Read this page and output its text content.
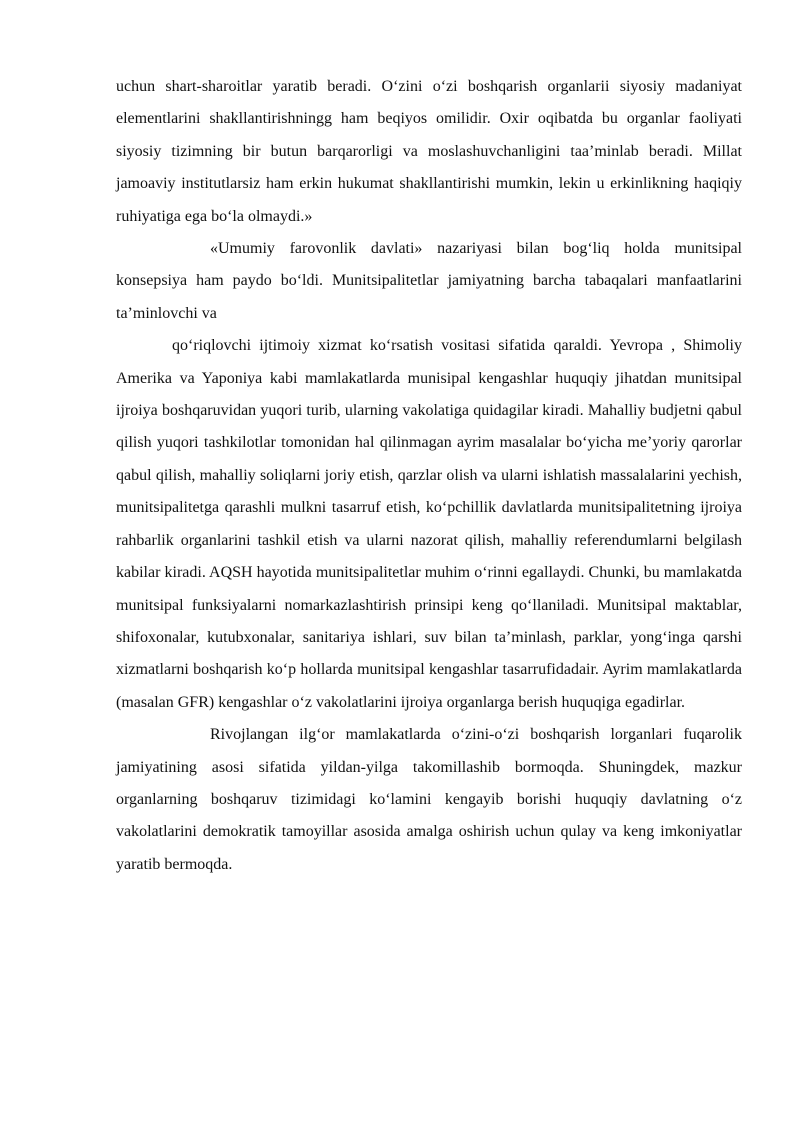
uchun shart-sharoitlar yaratib beradi. O‘zini o‘zi boshqarish organlarii siyosiy madaniyat elementlarini shakllantirishningg ham beqiyos omilidir. Oxir oqibatda bu organlar faoliyati siyosiy tizimning bir butun barqarorligi va moslashuvchanligini taa’minlab beradi. Millat jamoaviy institutlarsiz ham erkin hukumat shakllantirishi mumkin, lekin u erkinlikning haqiqiy ruhiyatiga ega bo‘la olmaydi.»

«Umumiy farovonlik davlati» nazariyasi bilan bog‘liq holda munitsipal konsepsiya ham paydo bo‘ldi. Munitsipalitetlar jamiyatning barcha tabaqalari manfaatlarini ta’minlovchi va

qo‘riqlovchi ijtimoiy xizmat ko‘rsatish vositasi sifatida qaraldi. Yevropa , Shimoliy Amerika va Yaponiya kabi mamlakatlarda munisipal kengashlar huquqiy jihatdan munitsipal ijroiya boshqaruvidan yuqori turib, ularning vakolatiga quidagilar kiradi. Mahalliy budjetni qabul qilish yuqori tashkilotlar tomonidan hal qilinmagan ayrim masalalar bo‘yicha me’yoriy qarorlar qabul qilish, mahalliy soliqlarni joriy etish, qarzlar olish va ularni ishlatish massalalarini yechish, munitsipalitetga qarashli mulkni tasarruf etish, ko‘pchillik davlatlarda munitsipalitetning ijroiya rahbarlik organlarini tashkil etish va ularni nazorat qilish, mahalliy referendumlarni belgilash kabilar kiradi. AQSH hayotida munitsipalitetlar muhim o‘rinni egallaydi. Chunki, bu mamlakatda munitsipal funksiyalarni nomarkazlashtirish prinsipi keng qo‘llaniladi. Munitsipal maktablar, shifoxonalar, kutubxonalar, sanitariya ishlari, suv bilan ta’minlash, parklar, yong‘inga qarshi xizmatlarni boshqarish ko‘p hollarda munitsipal kengashlar tasarrufidadair. Ayrim mamlakatlarda (masalan GFR) kengashlar o‘z vakolatlarini ijroiya organlarga berish huquqiga egadirlar.

Rivojlangan ilg‘or mamlakatlarda o‘zini-o‘zi boshqarish lorganlari fuqarolik jamiyatining asosi sifatida yildan-yilga takomillashib bormoqda. Shuningdek, mazkur organlarning boshqaruv tizimidagi ko‘lamini kengayib borishi huquqiy davlatning o‘z vakolatlarini demokratik tamoyillar asosida amalga oshirish uchun qulay va keng imkoniyatlar yaratib bermoqda.
